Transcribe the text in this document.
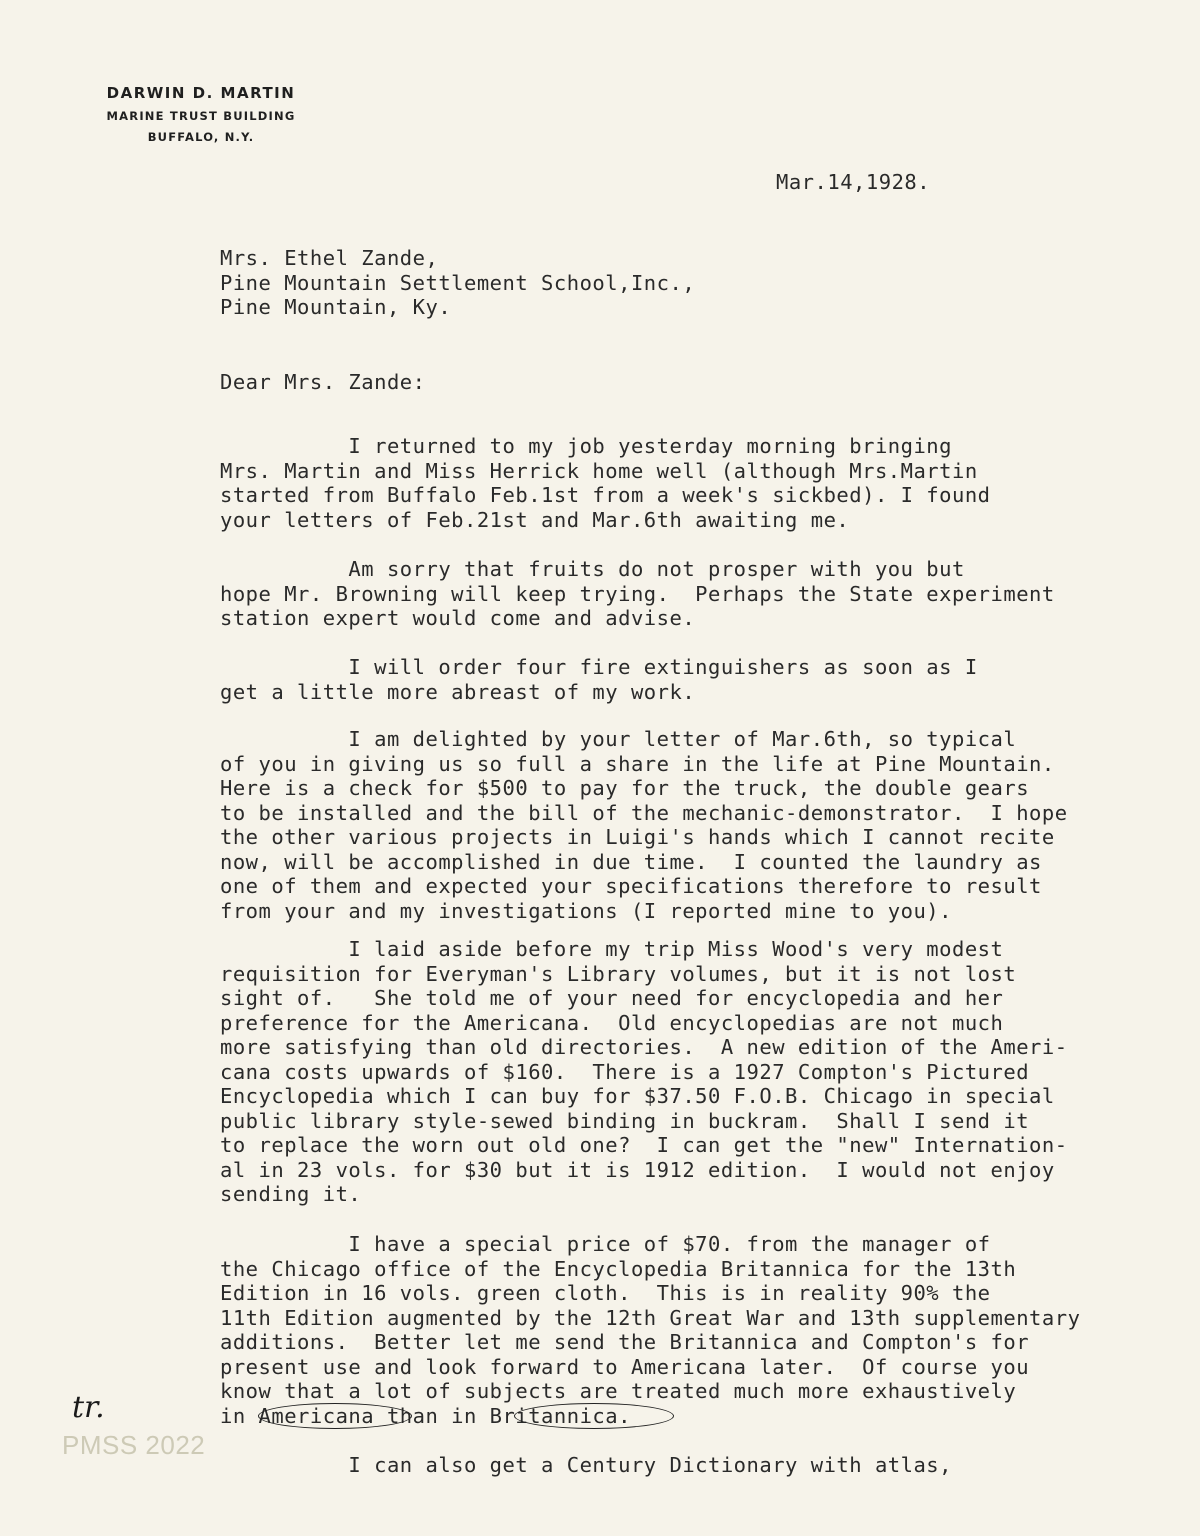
DARWIN D. MARTIN
MARINE TRUST BUILDING
BUFFALO, N.Y.
Mar.14,1928.
Mrs. Ethel Zande,
Pine Mountain Settlement School,Inc.,
Pine Mountain, Ky.
Dear Mrs. Zande:
I returned to my job yesterday morning bringing
Mrs. Martin and Miss Herrick home well (although Mrs.Martin
started from Buffalo Feb.1st from a week's sickbed). I found
your letters of Feb.21st and Mar.6th awaiting me.
Am sorry that fruits do not prosper with you but
hope Mr. Browning will keep trying.  Perhaps the State experiment
station expert would come and advise.
I will order four fire extinguishers as soon as I
get a little more abreast of my work.
I am delighted by your letter of Mar.6th, so typical
of you in giving us so full a share in the life at Pine Mountain.
Here is a check for $500 to pay for the truck, the double gears
to be installed and the bill of the mechanic-demonstrator.  I hope
the other various projects in Luigi's hands which I cannot recite
now, will be accomplished in due time.  I counted the laundry as
one of them and expected your specifications therefore to result
from your and my investigations (I reported mine to you).
I laid aside before my trip Miss Wood's very modest
requisition for Everyman's Library volumes, but it is not lost
sight of.   She told me of your need for encyclopedia and her
preference for the Americana.  Old encyclopedias are not much
more satisfying than old directories.  A new edition of the Ameri-
cana costs upwards of $160.  There is a 1927 Compton's Pictured
Encyclopedia which I can buy for $37.50 F.O.B. Chicago in special
public library style-sewed binding in buckram.  Shall I send it
to replace the worn out old one?  I can get the "new" Internation-
al in 23 vols. for $30 but it is 1912 edition.  I would not enjoy
sending it.
I have a special price of $70. from the manager of
the Chicago office of the Encyclopedia Britannica for the 13th
Edition in 16 vols. green cloth.  This is in reality 90% the
11th Edition augmented by the 12th Great War and 13th supplementary
additions.  Better let me send the Britannica and Compton's for
present use and look forward to Americana later.  Of course you
know that a lot of subjects are treated much more exhaustively
in Americana than in Britannica.
I can also get a Century Dictionary with atlas,
tr.
PMSS 2022
